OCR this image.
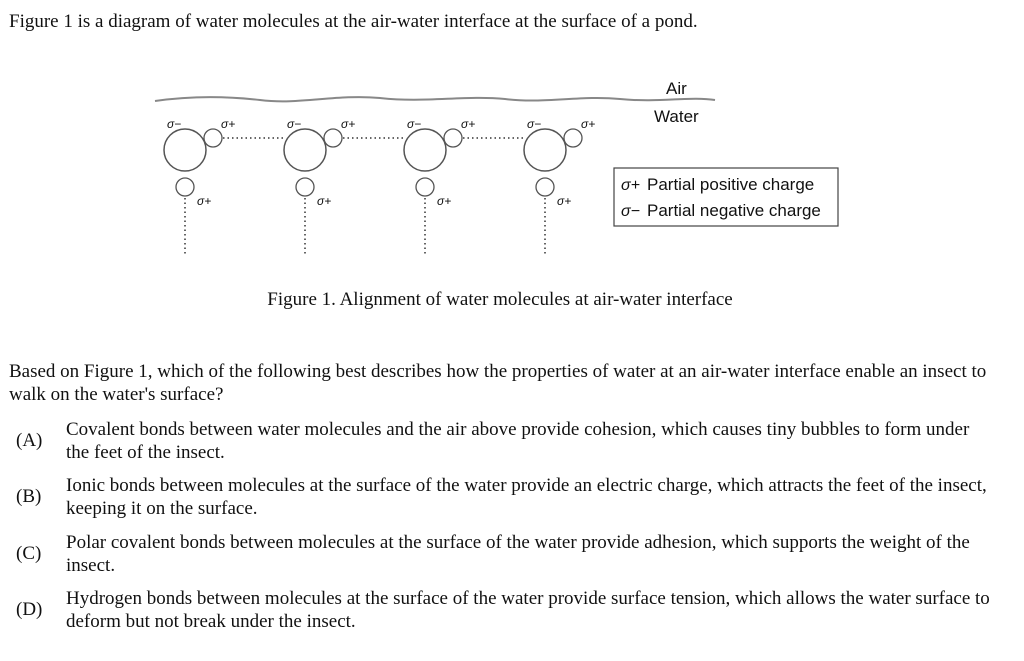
Figure 1 is a diagram of water molecules at the air-water interface at the surface of a pond.
Air
Water
σ−	σ+
σ+
σ−	σ+
σ+
σ−	σ+
σ+
σ−	σ+
σ+
σ+ Partial positive charge
σ− Partial negative charge
Figure 1. Alignment of water molecules at air-water interface
Based on Figure 1, which of the following best describes how the properties of water at an air-water interface enable an insect to walk on the water's surface?
(A)
Covalent bonds between water molecules and the air above provide cohesion, which causes tiny bubbles to form under the feet of the insect.
(B)
Ionic bonds between molecules at the surface of the water provide an electric charge, which attracts the feet of the insect, keeping it on the surface.
(C)
Polar covalent bonds between molecules at the surface of the water provide adhesion, which supports the weight of the insect.
(D)
Hydrogen bonds between molecules at the surface of the water provide surface tension, which allows the water surface to deform but not break under the insect.
